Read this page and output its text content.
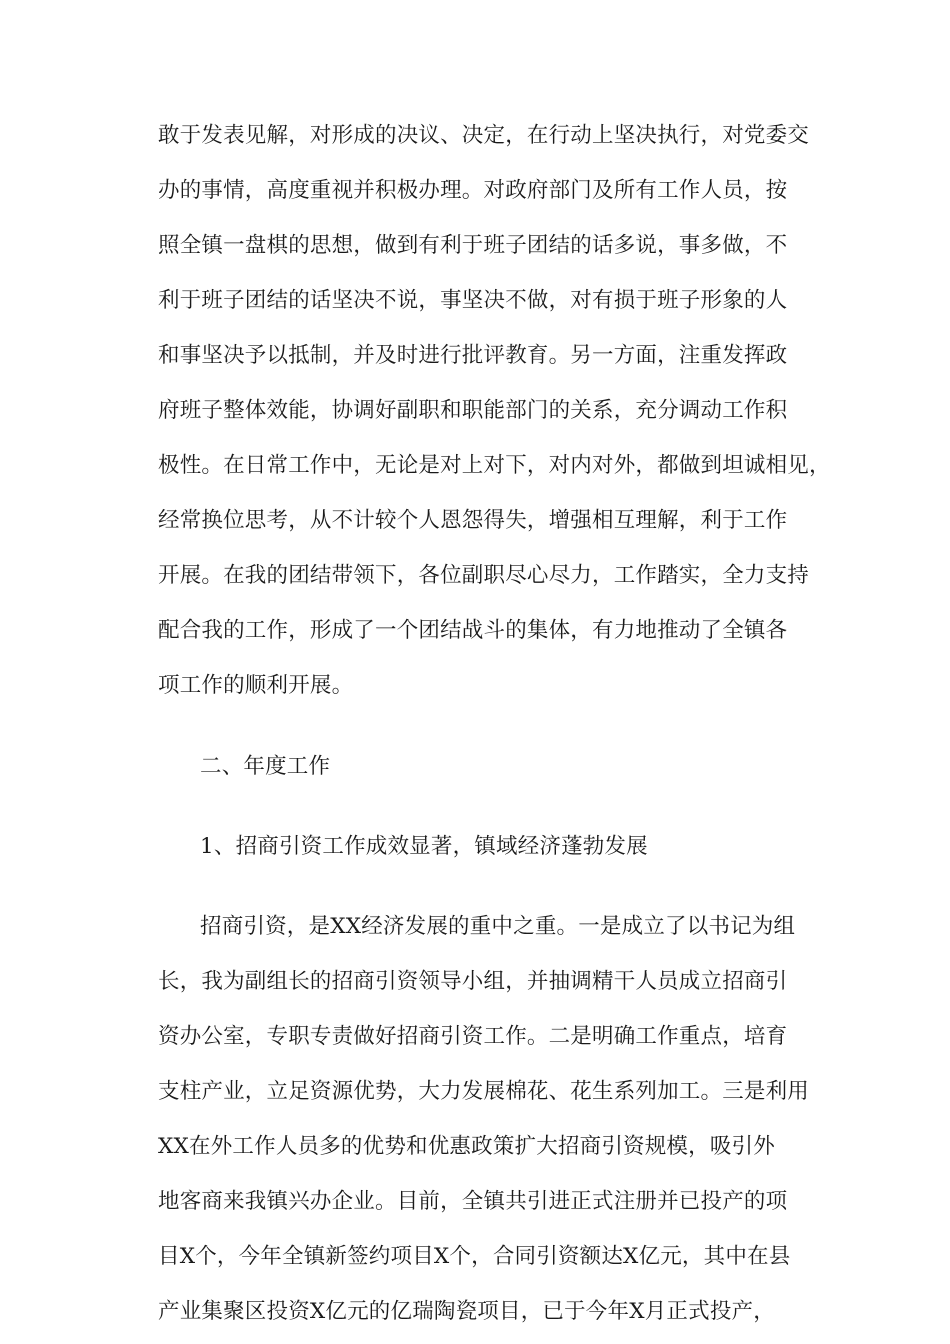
敢于发表见解，对形成的决议、决定，在行动上坚决执行，对党委交
办的事情，高度重视并积极办理。对政府部门及所有工作人员，按
照全镇一盘棋的思想，做到有利于班子团结的话多说，事多做，不
利于班子团结的话坚决不说，事坚决不做，对有损于班子形象的人
和事坚决予以抵制，并及时进行批评教育。另一方面，注重发挥政
府班子整体效能，协调好副职和职能部门的关系，充分调动工作积
极性。在日常工作中，无论是对上对下，对内对外，都做到坦诚相见，
经常换位思考，从不计较个人恩怨得失，增强相互理解，利于工作
开展。在我的团结带领下，各位副职尽心尽力，工作踏实，全力支持
配合我的工作，形成了一个团结战斗的集体，有力地推动了全镇各
项工作的顺利开展。
二、年度工作
1、招商引资工作成效显著，镇域经济蓬勃发展
招商引资，是XX经济发展的重中之重。一是成立了以书记为组
长，我为副组长的招商引资领导小组，并抽调精干人员成立招商引
资办公室，专职专责做好招商引资工作。二是明确工作重点，培育
支柱产业，立足资源优势，大力发展棉花、花生系列加工。三是利用
XX在外工作人员多的优势和优惠政策扩大招商引资规模，吸引外
地客商来我镇兴办企业。目前，全镇共引进正式注册并已投产的项
目X个，今年全镇新签约项目X个，合同引资额达X亿元，其中在县
产业集聚区投资X亿元的亿瑞陶瓷项目，已于今年X月正式投产，
